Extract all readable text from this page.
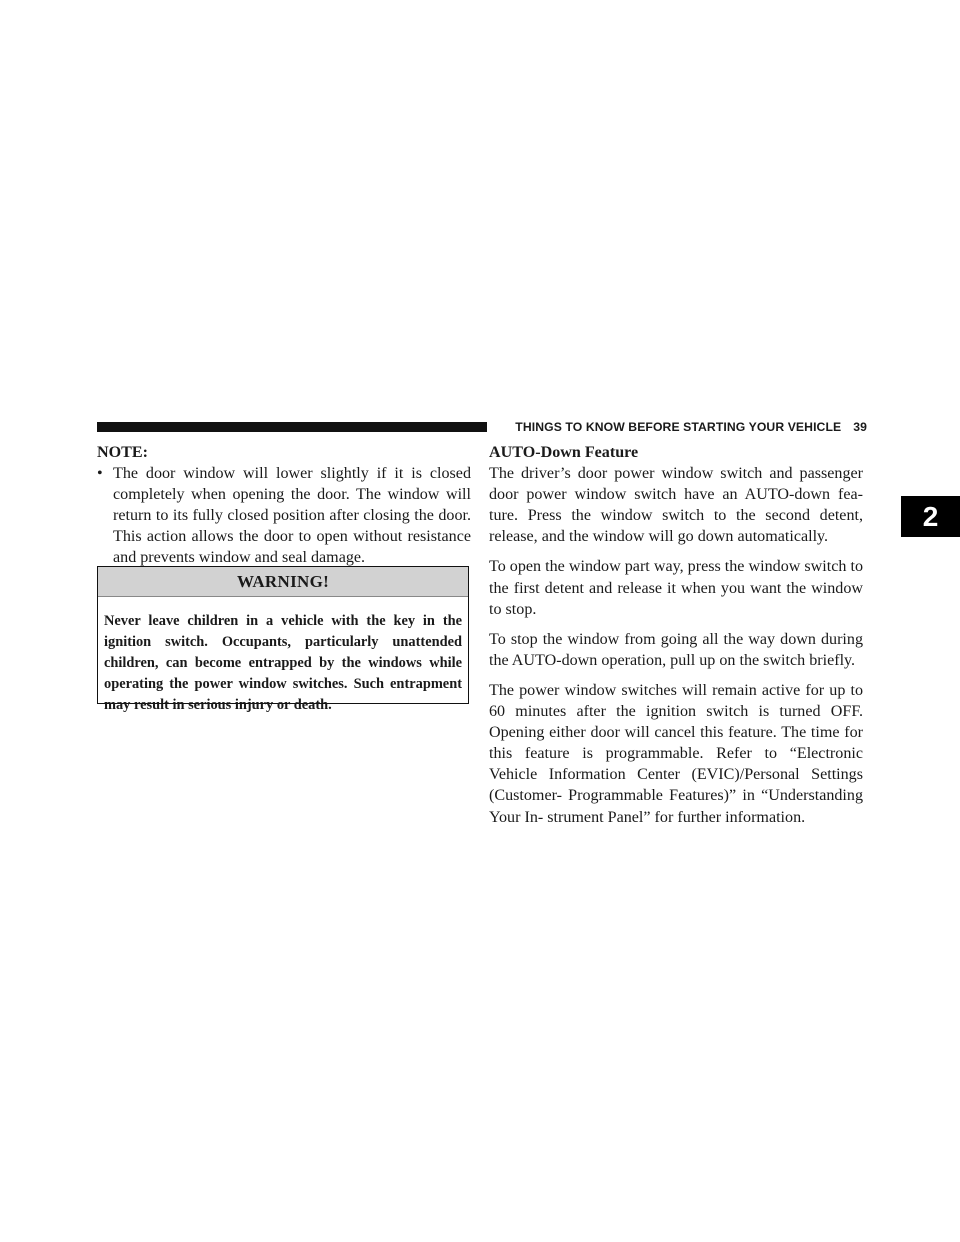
THINGS TO KNOW BEFORE STARTING YOUR VEHICLE 39
2

NOTE:

• The door window will lower slightly if it is closed completely when opening the door. The window will return to its fully closed position after closing the door. This action allows the door to open without resistance and prevents window and seal damage.
WARNING!
Never leave children in a vehicle with the key in the ignition switch. Occupants, particularly unattended children, can become entrapped by the windows while operating the power window switches. Such entrapment may result in serious injury or death.

AUTO-Down Feature

The driver’s door power window switch and passenger door power window switch have an AUTO-down fea- ture. Press the window switch to the second detent, release, and the window will go down automatically.

To open the window part way, press the window switch to the first detent and release it when you want the window to stop.

To stop the window from going all the way down during the AUTO-down operation, pull up on the switch briefly.

The power window switches will remain active for up to 60 minutes after the ignition switch is turned OFF. Opening either door will cancel this feature. The time for this feature is programmable. Refer to “Electronic Vehicle Information Center (EVIC)/Personal Settings (Customer- Programmable Features)” in “Understanding Your In- strument Panel” for further information.
